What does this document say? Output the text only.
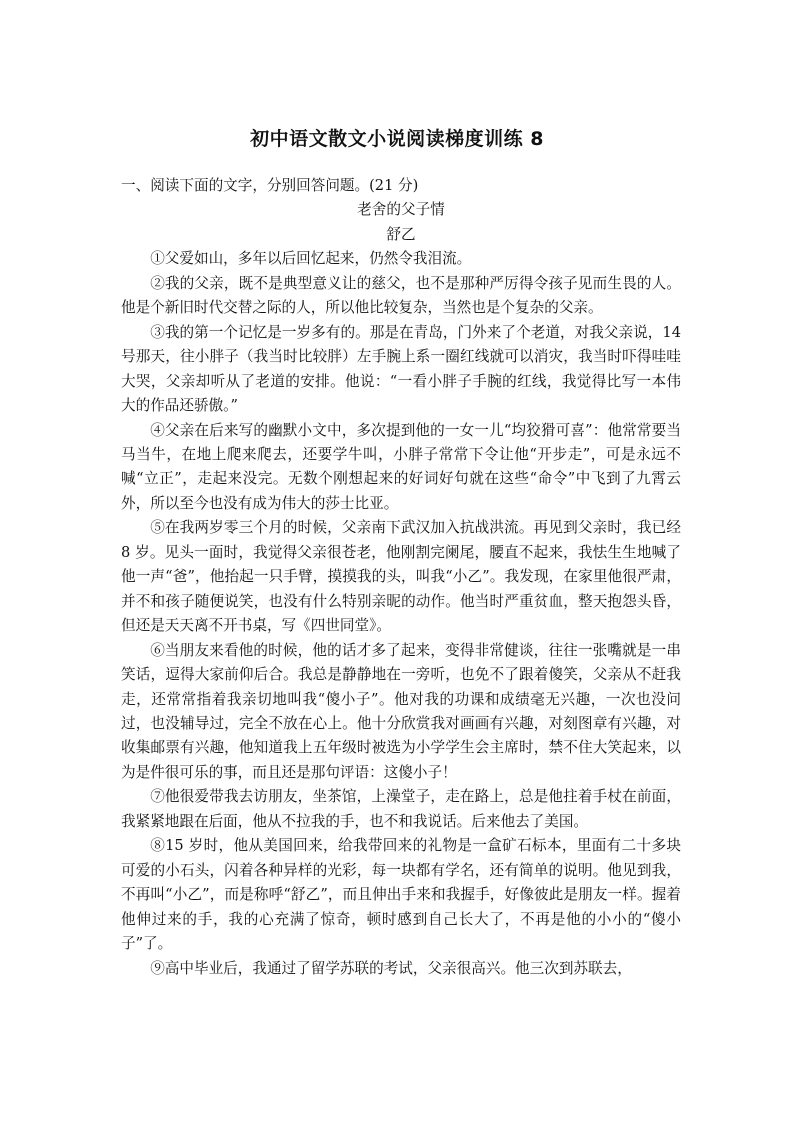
初中语文散文小说阅读梯度训练 8

一、阅读下面的文字，分别回答问题。(21 分)

老舍的父子情

舒乙

①父爱如山，多年以后回忆起来，仍然令我泪流。

②我的父亲，既不是典型意义让的慈父，也不是那种严厉得令孩子见而生畏的人。他是个新旧时代交替之际的人，所以他比较复杂，当然也是个复杂的父亲。

③我的第一个记忆是一岁多有的。那是在青岛，门外来了个老道，对我父亲说，14 号那天，往小胖子（我当时比较胖）左手腕上系一圈红线就可以消灾，我当时吓得哇哇大哭，父亲却听从了老道的安排。他说：“一看小胖子手腕的红线，我觉得比写一本伟大的作品还骄傲。”

④父亲在后来写的幽默小文中，多次提到他的一女一儿“均狡猾可喜”：他常常要当马当牛，在地上爬来爬去，还要学牛叫，小胖子常常下令让他“开步走”，可是永远不喊“立正”，走起来没完。无数个刚想起来的好词好句就在这些“命令”中飞到了九霄云外，所以至今也没有成为伟大的莎士比亚。

⑤在我两岁零三个月的时候，父亲南下武汉加入抗战洪流。再见到父亲时，我已经 8 岁。见头一面时，我觉得父亲很苍老，他刚割完阑尾，腰直不起来，我怯生生地喊了他一声“爸”，他抬起一只手臂，摸摸我的头，叫我“小乙”。我发现，在家里他很严肃，并不和孩子随便说笑，也没有什么特别亲昵的动作。他当时严重贫血，整天抱怨头昏，但还是天天离不开书桌，写《四世同堂》。

⑥当朋友来看他的时候，他的话才多了起来，变得非常健谈，往往一张嘴就是一串笑话，逗得大家前仰后合。我总是静静地在一旁听，也免不了跟着傻笑，父亲从不赶我走，还常常指着我亲切地叫我“傻小子”。他对我的功课和成绩毫无兴趣，一次也没问过，也没辅导过，完全不放在心上。他十分欣赏我对画画有兴趣，对刻图章有兴趣，对收集邮票有兴趣，他知道我上五年级时被选为小学学生会主席时，禁不住大笑起来，以为是件很可乐的事，而且还是那句评语：这傻小子！

⑦他很爱带我去访朋友，坐茶馆，上澡堂子，走在路上，总是他拄着手杖在前面，我紧紧地跟在后面，他从不拉我的手，也不和我说话。后来他去了美国。

⑧15 岁时，他从美国回来，给我带回来的礼物是一盒矿石标本，里面有二十多块可爱的小石头，闪着各种异样的光彩，每一块都有学名，还有简单的说明。他见到我，不再叫“小乙”，而是称呼“舒乙”，而且伸出手来和我握手，好像彼此是朋友一样。握着他伸过来的手，我的心充满了惊奇，顿时感到自己长大了，不再是他的小小的“傻小子”了。

⑨高中毕业后，我通过了留学苏联的考试，父亲很高兴。他三次到苏联去，
